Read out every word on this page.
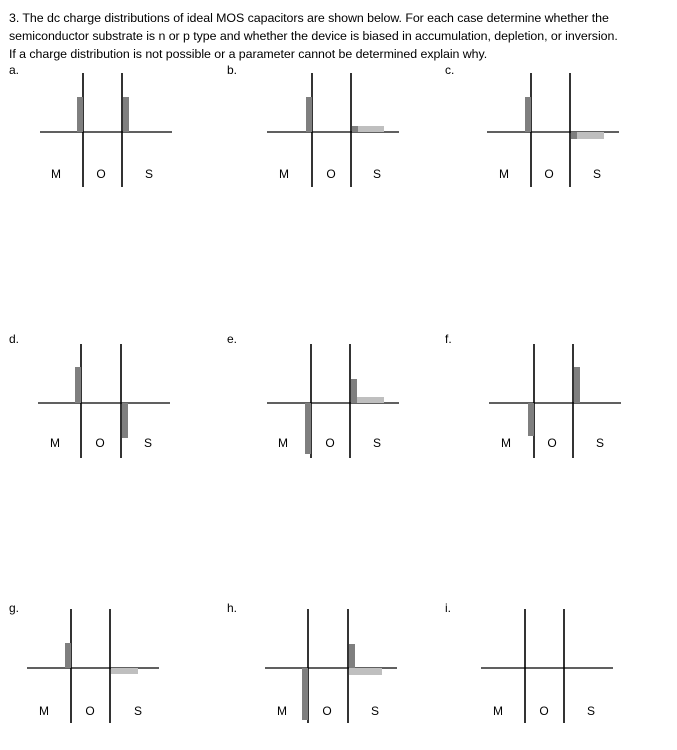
3. The dc charge distributions of ideal MOS capacitors are shown below. For each case determine whether the
semiconductor substrate is n or p type and whether the device is biased in accumulation, depletion, or inversion.
If a charge distribution is not possible or a parameter cannot be determined explain why.
a.
M	O	S
b.
M	O	S
c.
M	O	S
d.
M	O	S
e.
M	O	S
f.
M	O	S
g.
M	O	S
h.
M	O	S
i.
M	O	S
